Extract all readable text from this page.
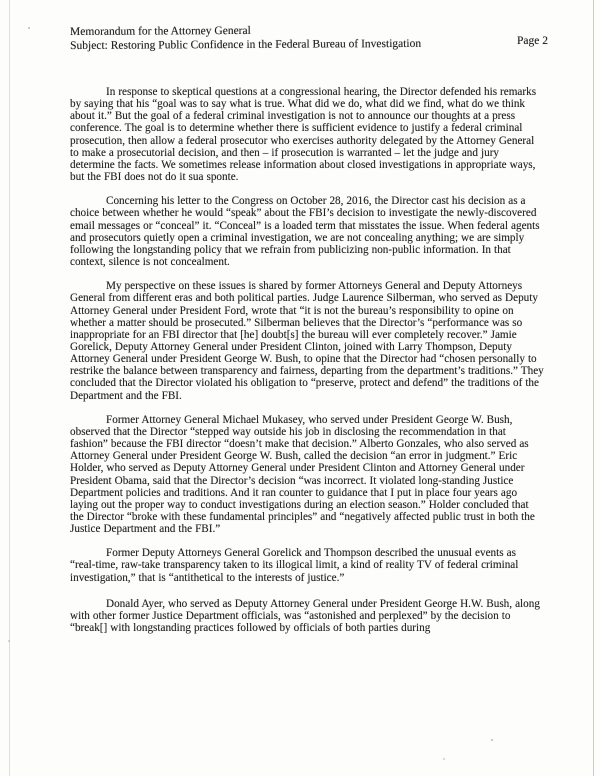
Memorandum for the Attorney General
Subject: Restoring Public Confidence in the Federal Bureau of Investigation	Page 2

In response to skeptical questions at a congressional hearing, the Director defended his remarks by saying that his “goal was to say what is true. What did we do, what did we find, what do we think about it.” But the goal of a federal criminal investigation is not to announce our thoughts at a press conference. The goal is to determine whether there is sufficient evidence to justify a federal criminal prosecution, then allow a federal prosecutor who exercises authority delegated by the Attorney General to make a prosecutorial decision, and then – if prosecution is warranted – let the judge and jury determine the facts. We sometimes release information about closed investigations in appropriate ways, but the FBI does not do it sua sponte.

Concerning his letter to the Congress on October 28, 2016, the Director cast his decision as a choice between whether he would “speak” about the FBI’s decision to investigate the newly-discovered email messages or “conceal” it. “Conceal” is a loaded term that misstates the issue. When federal agents and prosecutors quietly open a criminal investigation, we are not concealing anything; we are simply following the longstanding policy that we refrain from publicizing non-public information. In that context, silence is not concealment.

My perspective on these issues is shared by former Attorneys General and Deputy Attorneys General from different eras and both political parties. Judge Laurence Silberman, who served as Deputy Attorney General under President Ford, wrote that “it is not the bureau’s responsibility to opine on whether a matter should be prosecuted.” Silberman believes that the Director’s “performance was so inappropriate for an FBI director that [he] doubt[s] the bureau will ever completely recover.” Jamie Gorelick, Deputy Attorney General under President Clinton, joined with Larry Thompson, Deputy Attorney General under President George W. Bush, to opine that the Director had “chosen personally to restrike the balance between transparency and fairness, departing from the department’s traditions.” They concluded that the Director violated his obligation to “preserve, protect and defend” the traditions of the Department and the FBI.

Former Attorney General Michael Mukasey, who served under President George W. Bush, observed that the Director “stepped way outside his job in disclosing the recommendation in that fashion” because the FBI director “doesn’t make that decision.” Alberto Gonzales, who also served as Attorney General under President George W. Bush, called the decision “an error in judgment.” Eric Holder, who served as Deputy Attorney General under President Clinton and Attorney General under President Obama, said that the Director’s decision “was incorrect. It violated long-standing Justice Department policies and traditions. And it ran counter to guidance that I put in place four years ago laying out the proper way to conduct investigations during an election season.” Holder concluded that the Director “broke with these fundamental principles” and “negatively affected public trust in both the Justice Department and the FBI.”

Former Deputy Attorneys General Gorelick and Thompson described the unusual events as “real-time, raw-take transparency taken to its illogical limit, a kind of reality TV of federal criminal investigation,” that is “antithetical to the interests of justice.”

Donald Ayer, who served as Deputy Attorney General under President George H.W. Bush, along with other former Justice Department officials, was “astonished and perplexed” by the decision to “break[] with longstanding practices followed by officials of both parties during
